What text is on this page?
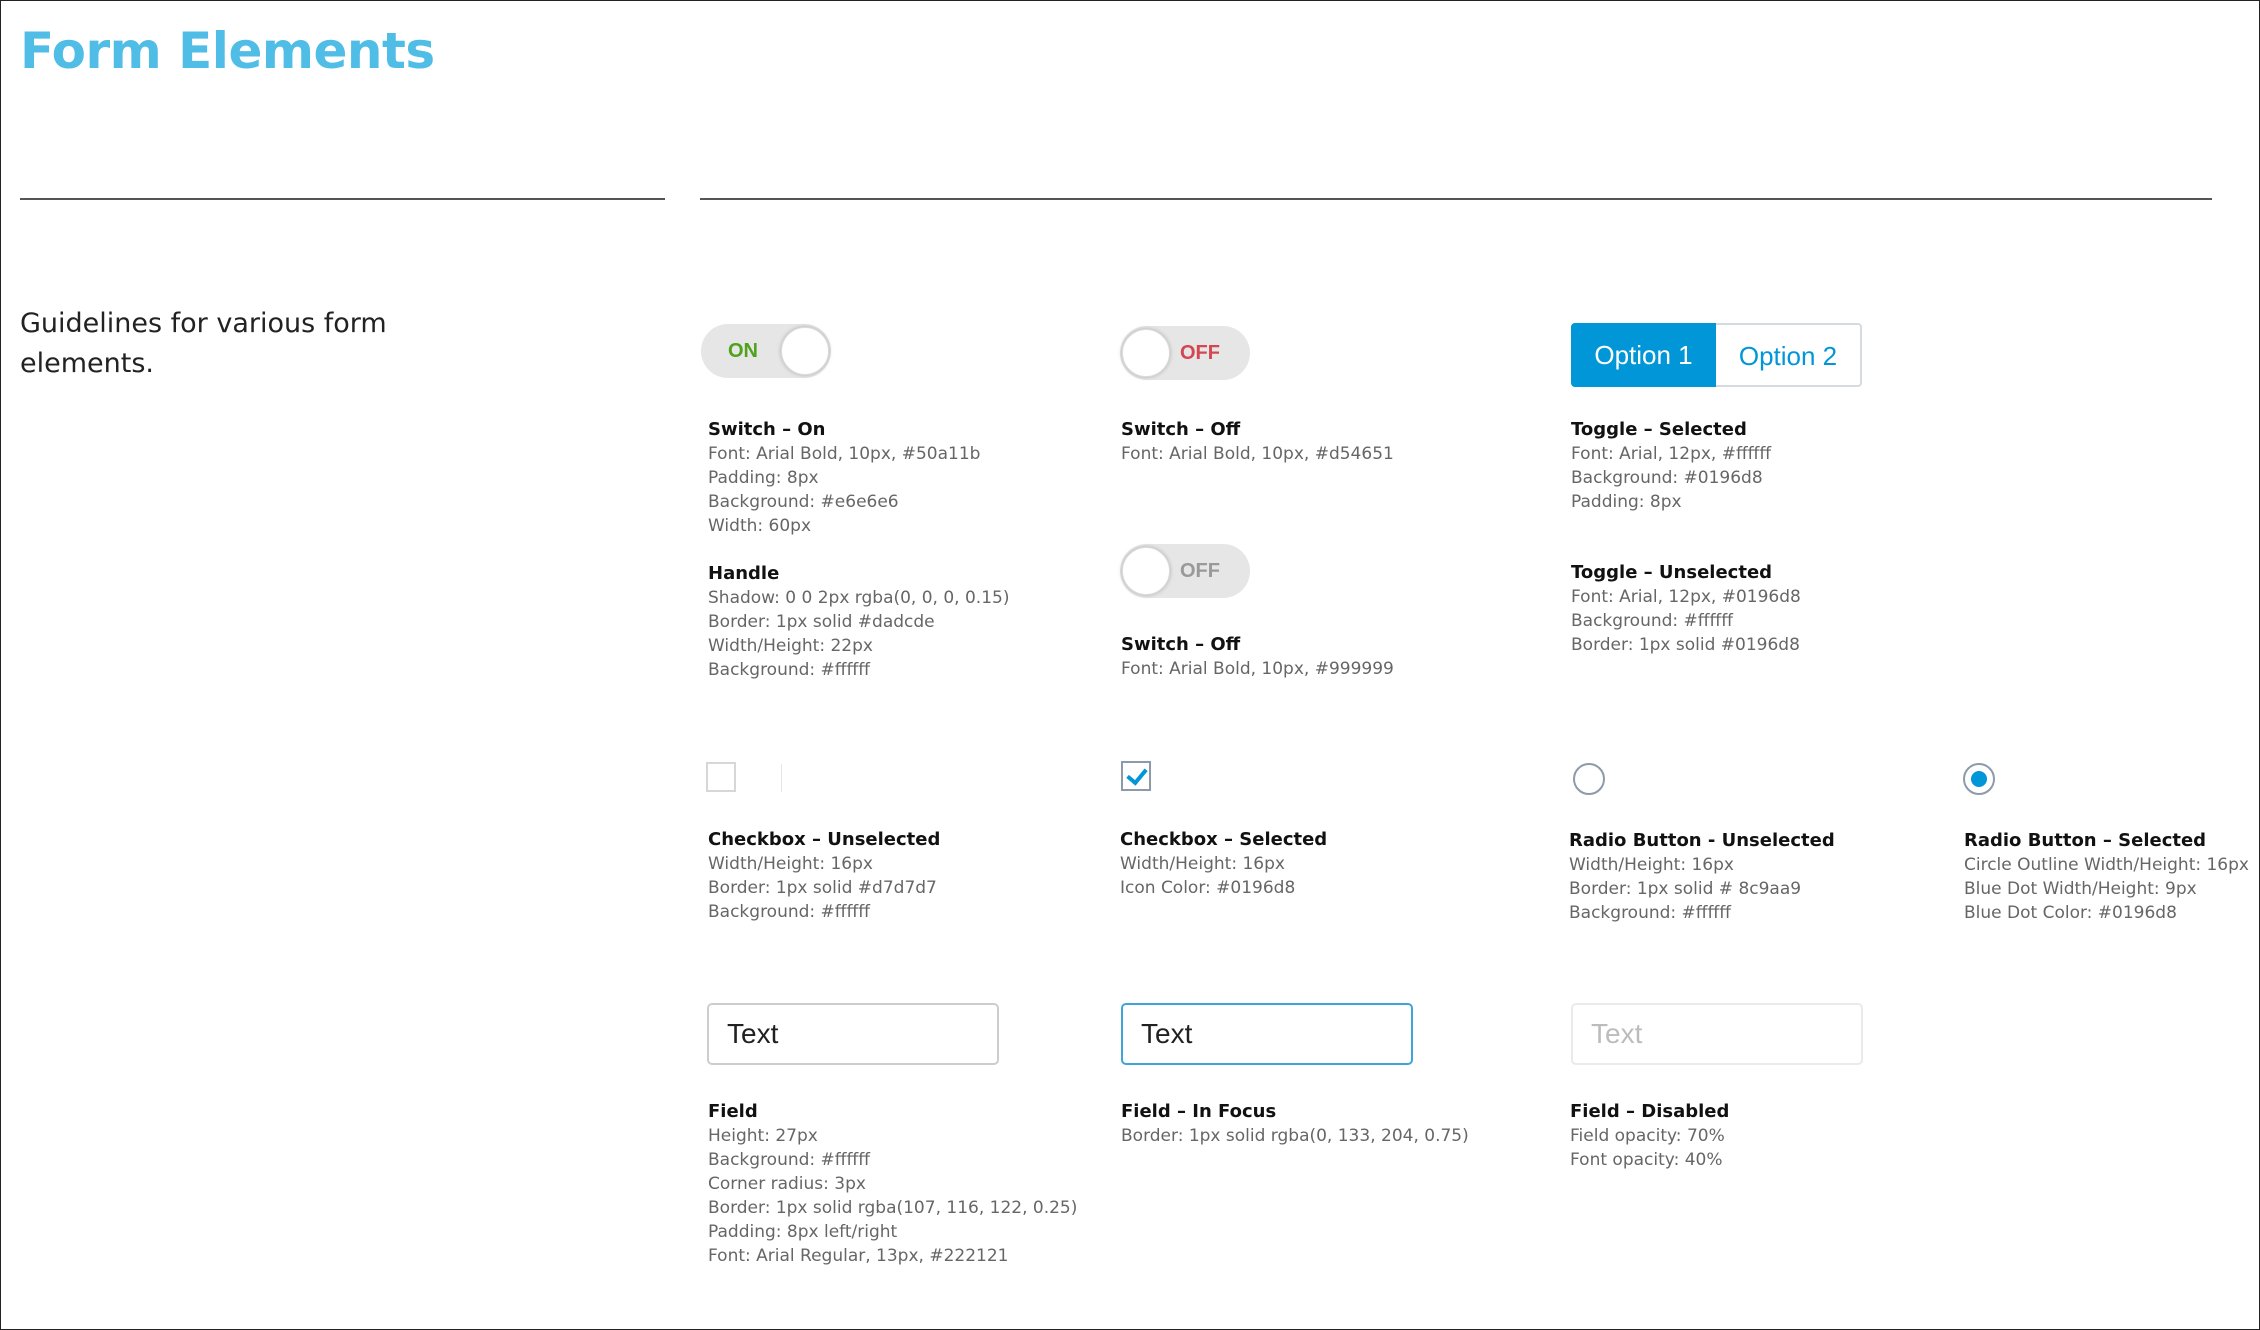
Form Elements
Guidelines for various form elements.	ON	OFF
OFF
Option 1	Option 2
Text	Text	Text
Switch – On
Font: Arial Bold, 10px, #50a11b
Padding: 8px
Background: #e6e6e6
Width: 60px
Handle
Shadow: 0 0 2px rgba(0, 0, 0, 0.15)
Border: 1px solid #dadcde
Width/Height: 22px
Background: #ffffff
Switch – Off
Font: Arial Bold, 10px, #d54651
Switch – Off
Font: Arial Bold, 10px, #999999
Toggle – Selected
Font: Arial, 12px, #ffffff
Background: #0196d8
Padding: 8px
Toggle – Unselected
Font: Arial, 12px, #0196d8
Background: #ffffff
Border: 1px solid #0196d8
Checkbox – Unselected
Width/Height: 16px
Border: 1px solid #d7d7d7
Background: #ffffff
Checkbox – Selected
Width/Height: 16px
Icon Color: #0196d8
Radio Button - Unselected
Width/Height: 16px
Border: 1px solid # 8c9aa9
Background: #ffffff
Radio Button – Selected
Circle Outline Width/Height: 16px
Blue Dot Width/Height: 9px
Blue Dot Color: #0196d8
Field
Height: 27px
Background: #ffffff
Corner radius: 3px
Border: 1px solid rgba(107, 116, 122, 0.25)
Padding: 8px left/right
Font: Arial Regular, 13px, #222121
Field – In Focus
Border: 1px solid rgba(0, 133, 204, 0.75)
Field – Disabled
Field opacity: 70%
Font opacity: 40%
